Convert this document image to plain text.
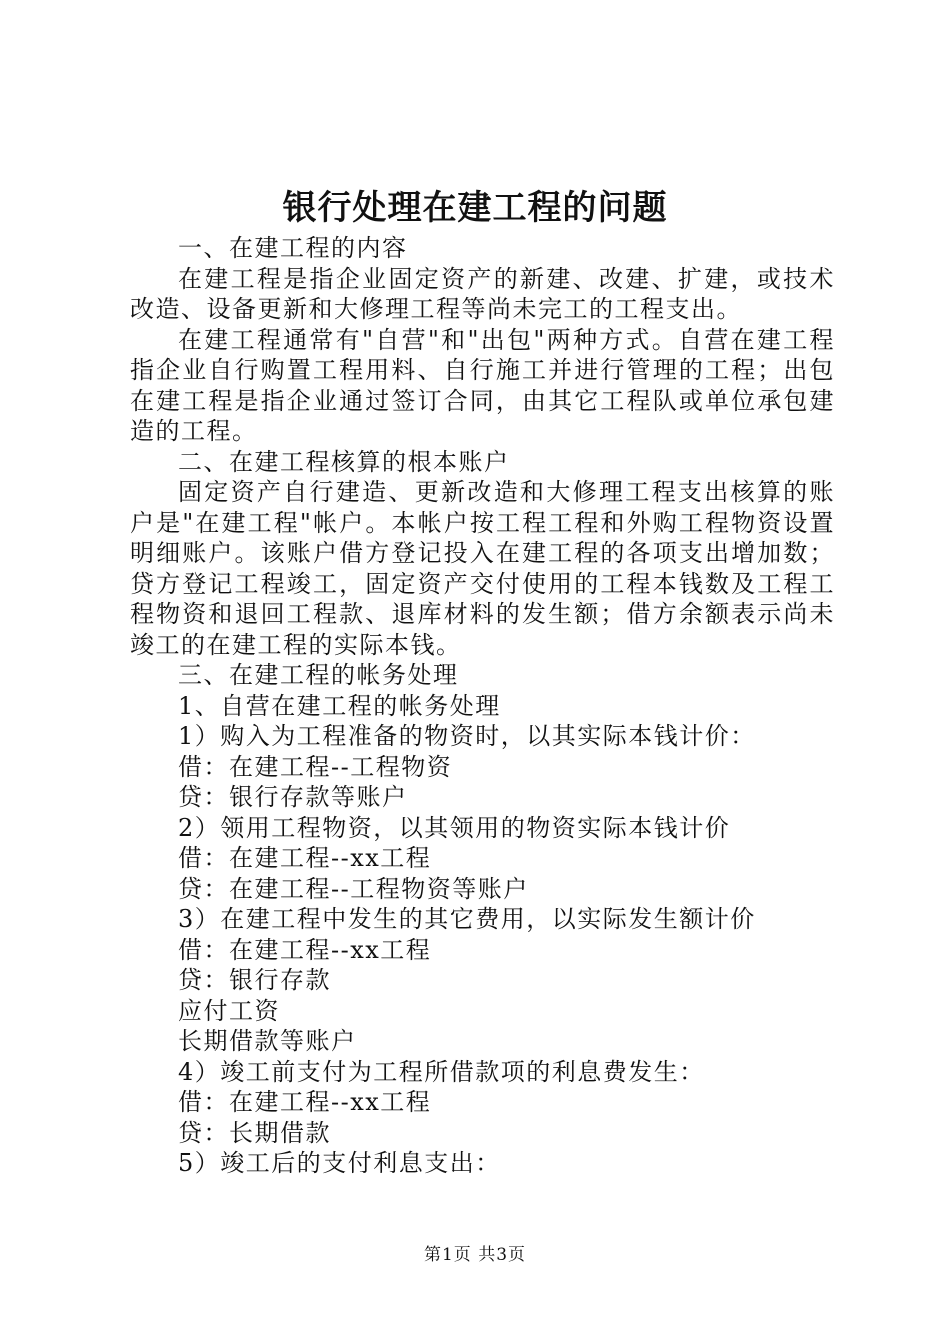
银行处理在建工程的问题

一、在建工程的内容

在建工程是指企业固定资产的新建、改建、扩建，或技术改造、设备更新和大修理工程等尚未完工的工程支出。

在建工程通常有"自营"和"出包"两种方式。自营在建工程指企业自行购置工程用料、自行施工并进行管理的工程；出包在建工程是指企业通过签订合同，由其它工程队或单位承包建造的工程。

二、在建工程核算的根本账户

固定资产自行建造、更新改造和大修理工程支出核算的账户是"在建工程"帐户。本帐户按工程工程和外购工程物资设置明细账户。该账户借方登记投入在建工程的各项支出增加数；贷方登记工程竣工，固定资产交付使用的工程本钱数及工程工程物资和退回工程款、退库材料的发生额；借方余额表示尚未竣工的在建工程的实际本钱。

三、在建工程的帐务处理

1、自营在建工程的帐务处理

1）购入为工程准备的物资时，以其实际本钱计价：

借：在建工程--工程物资

贷：银行存款等账户

2）领用工程物资，以其领用的物资实际本钱计价

借：在建工程--xx工程

贷：在建工程--工程物资等账户

3）在建工程中发生的其它费用，以实际发生额计价

借：在建工程--xx工程

贷：银行存款

应付工资

长期借款等账户

4）竣工前支付为工程所借款项的利息费发生：

借：在建工程--xx工程

贷：长期借款

5）竣工后的支付利息支出：

第1页 共3页
